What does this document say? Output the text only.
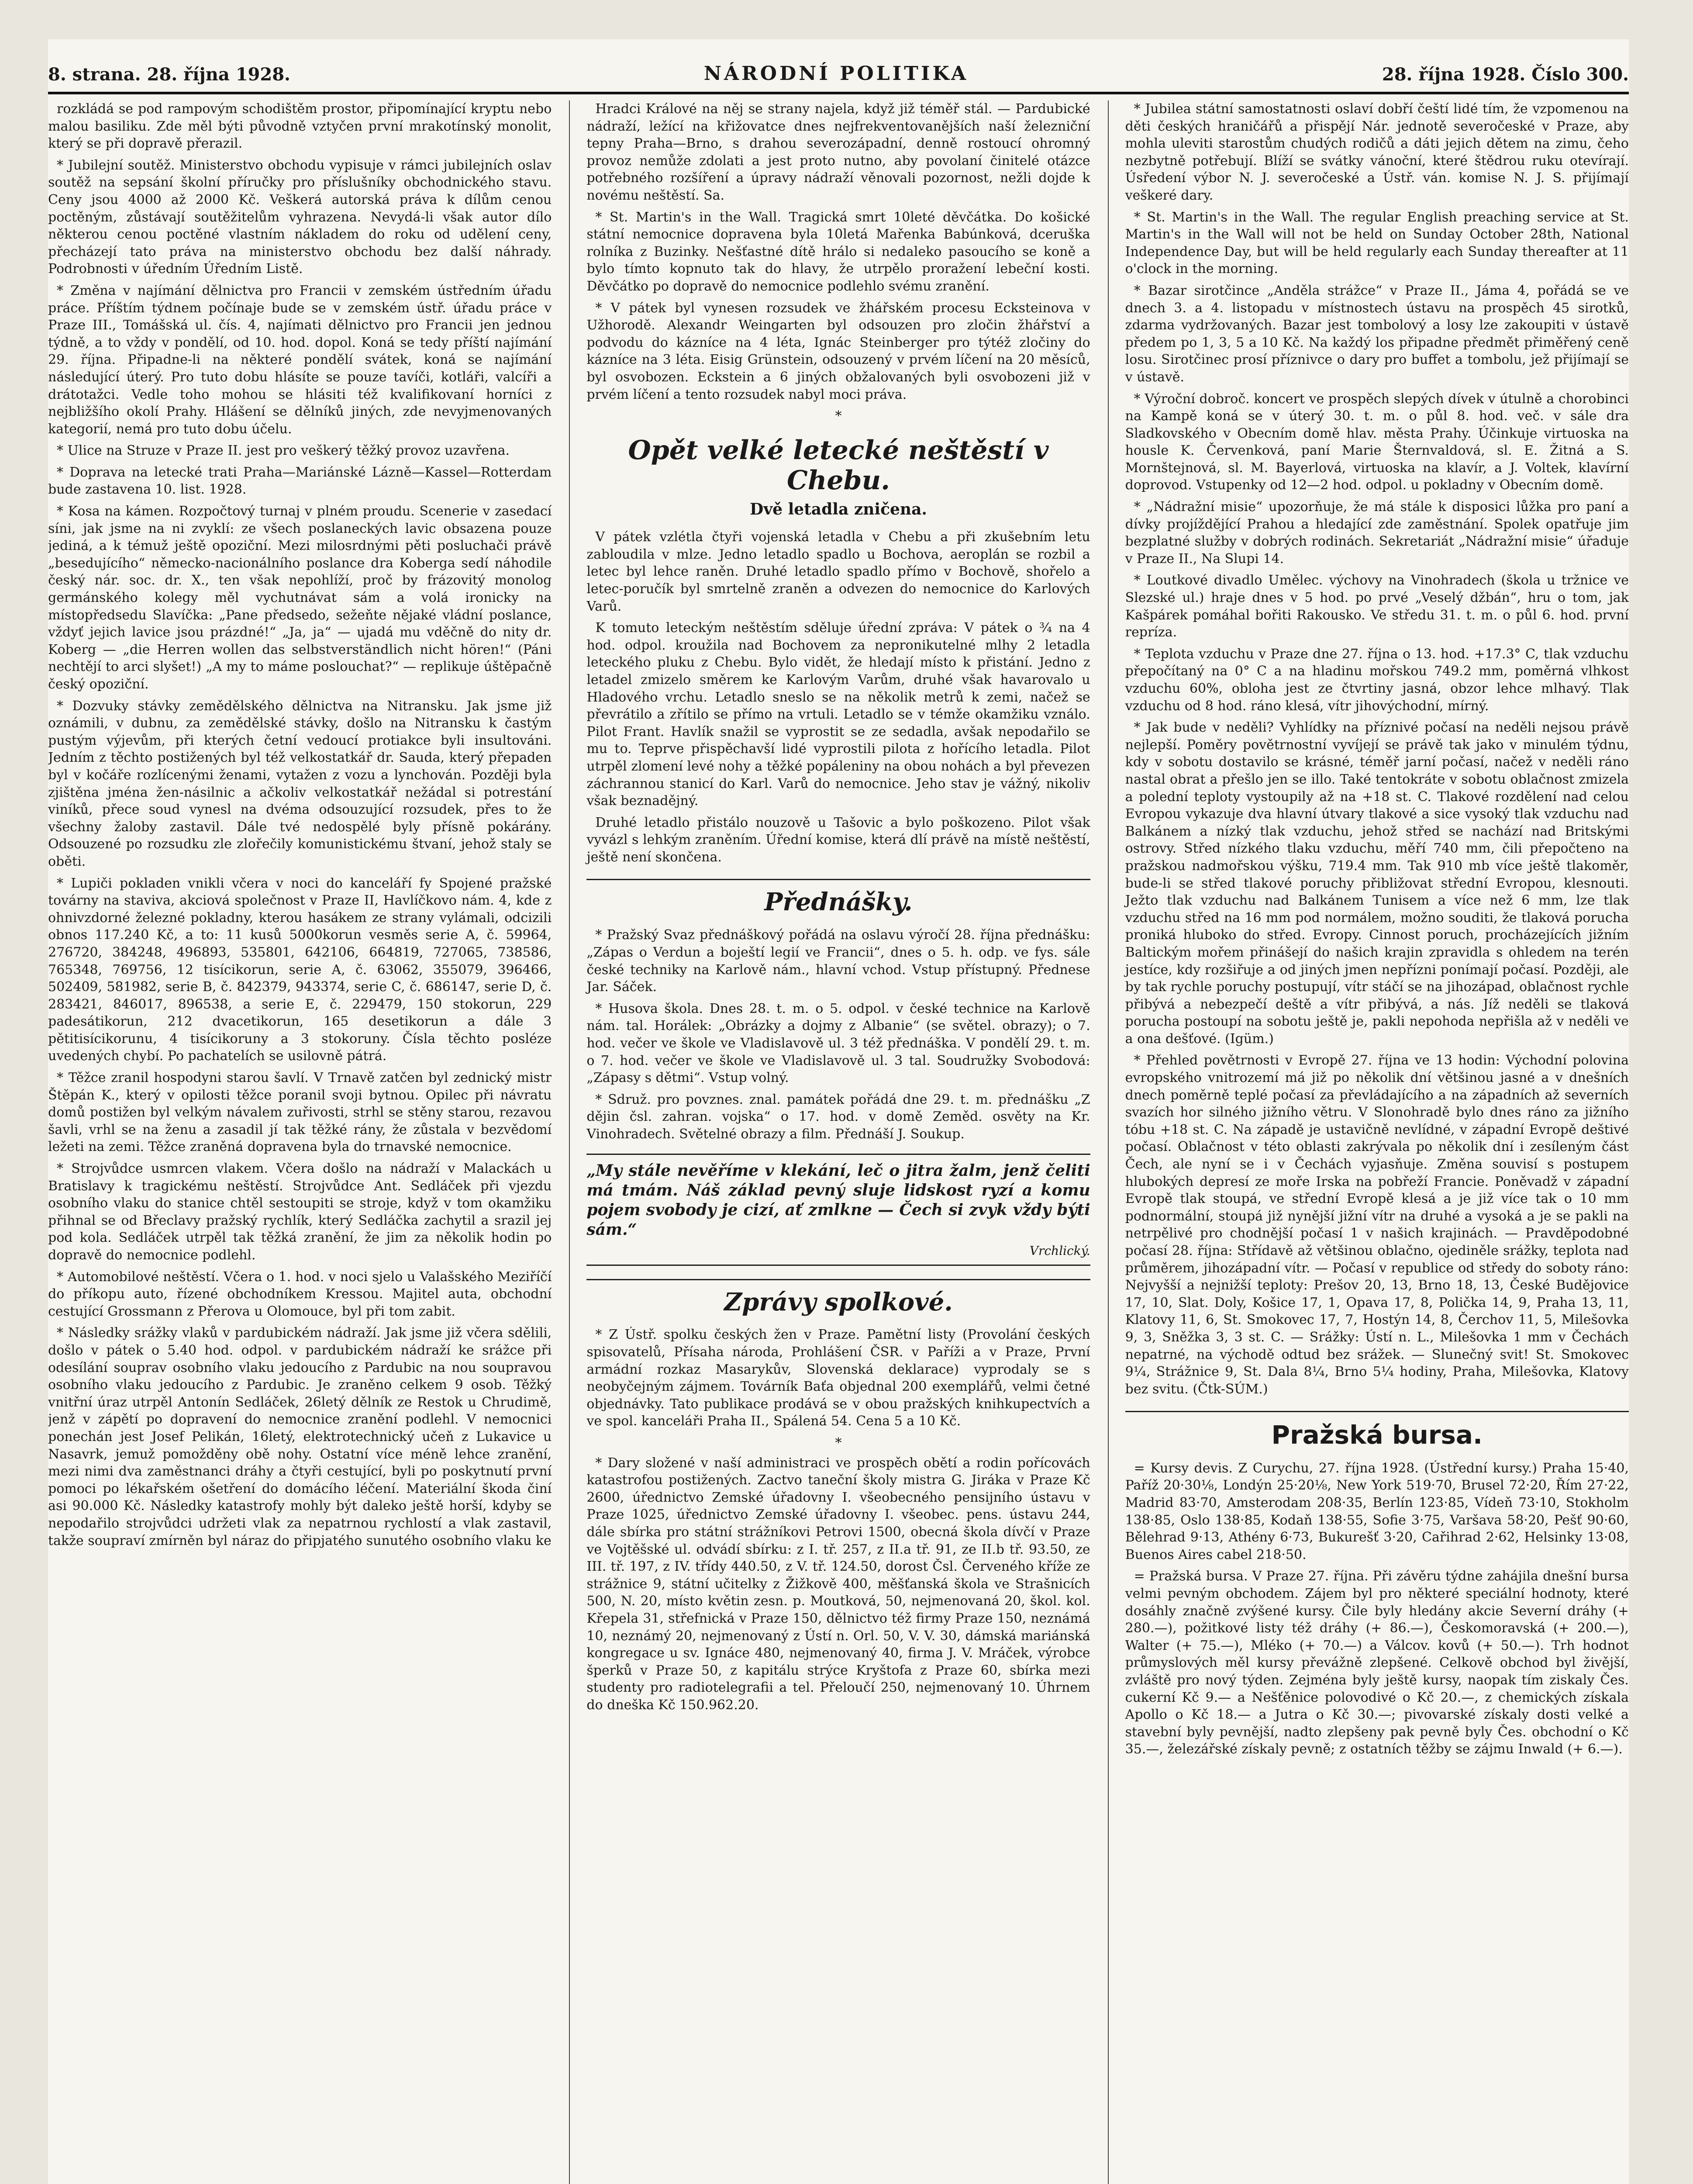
8. strana. 28. října 1928.	NÁRODNÍ POLITIKA	28. října 1928. Číslo 300.

rozkládá se pod rampovým schodištěm prostor, připomínající kryptu nebo malou basiliku. Zde měl býti původně vztyčen první mrakotínský monolit, který se při dopravě přerazil.

* Jubilejní soutěž. Ministerstvo obchodu vypisuje v rámci jubilejních oslav soutěž na sepsání školní příručky pro příslušníky obchodnického stavu. Ceny jsou 4000 až 2000 Kč. Veškerá autorská práva k dílům cenou poctěným, zůstávají soutěžitelům vyhrazena. Nevydá-li však autor dílo některou cenou poctěné vlastním nákladem do roku od udělení ceny, přecházejí tato práva na ministerstvo obchodu bez další náhrady. Podrobnosti v úředním Úředním Listě.

* Změna v najímání dělnictva pro Francii v zemském ústředním úřadu práce. Příštím týdnem počínaje bude se v zemském ústř. úřadu práce v Praze III., Tomášská ul. čís. 4, najímati dělnictvo pro Francii jen jednou týdně, a to vždy v pondělí, od 10. hod. dopol. Koná se tedy příští najímání 29. října. Připadne-li na některé pondělí svátek, koná se najímání následující úterý. Pro tuto dobu hlásíte se pouze tavíči, kotláři, valcíři a drátotažci. Vedle toho mohou se hlásiti též kvalifikovaní horníci z nejbližšího okolí Prahy. Hlášení se dělníků jiných, zde nevyjmenovaných kategorií, nemá pro tuto dobu účelu.

* Ulice na Struze v Praze II. jest pro veškerý těžký provoz uzavřena.

* Doprava na letecké trati Praha—Mariánské Lázně—Kassel—Rotterdam bude zastavena 10. list. 1928.

* Kosa na kámen. Rozpočtový turnaj v plném proudu. Scenerie v zasedací síni, jak jsme na ni zvyklí: ze všech poslaneckých lavic obsazena pouze jediná, a k témuž ještě opoziční. Mezi milosrdnými pěti posluchači právě „besedujícího“ německo-nacionálního poslance dra Koberga sedí náhodile český nár. soc. dr. X., ten však nepohlíží, proč by frázovitý monolog germánského kolegy měl vychutnávat sám a volá ironicky na místopředsedu Slavíčka: „Pane předsedo, sežeňte nějaké vládní poslance, vždyť jejich lavice jsou prázdné!“ „Ja, ja“ — ujadá mu vděčně do nity dr. Koberg — „die Herren wollen das selbstverständlich nicht hören!“ (Páni nechtějí to arci slyšet!) „A my to máme poslouchat?“ — replikuje úštěpačně český opoziční.

* Dozvuky stávky zemědělského dělnictva na Nitransku. Jak jsme již oznámili, v dubnu, za zemědělské stávky, došlo na Nitransku k častým pustým výjevům, při kterých četní vedoucí protiakce byli insultováni. Jedním z těchto postižených byl též velkostatkář dr. Sauda, který přepaden byl v kočáře rozlícenými ženami, vytažen z vozu a lynchován. Později byla zjištěna jména žen-násilnic a ačkoliv velkostatkář nežádal si potrestání viníků, přece soud vynesl na dvéma odsouzující rozsudek, přes to že všechny žaloby zastavil. Dále tvé nedospělé byly přísně pokárány. Odsouzené po rozsudku zle zlořečily komunistickému štvaní, jehož staly se oběti.

* Lupiči pokladen vnikli včera v noci do kanceláří fy Spojené pražské továrny na staviva, akciová společnost v Praze II, Havlíčkovo nám. 4, kde z ohnivzdorné železné pokladny, kterou hasákem ze strany vylámali, odcizili obnos 117.240 Kč, a to: 11 kusů 5000korun vesměs serie A, č. 59964, 276720, 384248, 496893, 535801, 642106, 664819, 727065, 738586, 765348, 769756, 12 tisícikorun, serie A, č. 63062, 355079, 396466, 502409, 581982, serie B, č. 842379, 943374, serie C, č. 686147, serie D, č. 283421, 846017, 896538, a serie E, č. 229479, 150 stokorun, 229 padesátikorun, 212 dvacetikorun, 165 desetikorun a dále 3 pětitisícikorunu, 4 tisícikoruny a 3 stokoruny. Čísla těchto posléze uvedených chybí. Po pachatelích se usilovně pátrá.

* Těžce zranil hospodyni starou šavlí. V Trnavě zatčen byl zednický mistr Štěpán K., který v opilosti těžce poranil svoji bytnou. Opilec při návratu domů postižen byl velkým návalem zuřivosti, strhl se stěny starou, rezavou šavli, vrhl se na ženu a zasadil jí tak těžké rány, že zůstala v bezvědomí ležeti na zemi. Těžce zraněná dopravena byla do trnavské nemocnice.

* Strojvůdce usmrcen vlakem. Včera došlo na nádraží v Malackách u Bratislavy k tragickému neštěstí. Strojvůdce Ant. Sedláček při vjezdu osobního vlaku do stanice chtěl sestoupiti se stroje, když v tom okamžiku přihnal se od Břeclavy pražský rychlík, který Sedláčka zachytil a srazil jej pod kola. Sedláček utrpěl tak těžká zranění, že jim za několik hodin po dopravě do nemocnice podlehl.

* Automobilové neštěstí. Včera o 1. hod. v noci sjelo u Valašského Meziříčí do příkopu auto, řízené obchodníkem Kressou. Majitel auta, obchodní cestující Grossmann z Přerova u Olomouce, byl při tom zabit.

* Následky srážky vlaků v pardubickém nádraží. Jak jsme již včera sdělili, došlo v pátek o 5.40 hod. odpol. v pardubickém nádraží ke srážce při odesílání souprav osobního vlaku jedoucího z Pardubic na nou soupravou osobního vlaku jedoucího z Pardubic. Je zraněno celkem 9 osob. Těžký vnitřní úraz utrpěl Antonín Sedláček, 26letý dělník ze Restok u Chrudimě, jenž v zápětí po dopravení do nemocnice zranění podlehl. V nemocnici ponechán jest Josef Pelikán, 16letý, elektrotechnický učeň z Lukavice u Nasavrk, jemuž pomožděny obě nohy. Ostatní více méně lehce zranění, mezi nimi dva zaměstnanci dráhy a čtyři cestující, byli po poskytnutí první pomoci po lékařském ošetření do domácího léčení. Materiální škoda činí asi 90.000 Kč. Následky katastrofy mohly být daleko ještě horší, kdyby se nepodařilo strojvůdci udržeti vlak za nepatrnou rychlostí a vlak zastavil, takže soupraví zmírněn byl náraz do připjatého sunutého osobního vlaku ke

Hradci Králové na něj se strany najela, když již téměř stál. — Pardubické nádraží, ležící na křižovatce dnes nejfrekventovanějších naší železniční tepny Praha—Brno, s drahou severozápadní, denně rostoucí ohromný provoz nemůže zdolati a jest proto nutno, aby povolaní činitelé otázce potřebného rozšíření a úpravy nádraží věnovali pozornost, nežli dojde k novému neštěstí. Sa.

* St. Martin's in the Wall. Tragická smrt 10leté děvčátka. Do košické státní nemocnice dopravena byla 10letá Mařenka Babúnková, dceruška rolníka z Buzinky. Nešťastné dítě hrálo si nedaleko pasoucího se koně a bylo tímto kopnuto tak do hlavy, že utrpělo proražení lebeční kosti. Děvčátko po dopravě do nemocnice podlehlo svému zranění.

* V pátek byl vynesen rozsudek ve žhářském procesu Ecksteinova v Užhorodě. Alexandr Weingarten byl odsouzen pro zločin žhářství a podvodu do kázníce na 4 léta, Ignác Steinberger pro týtéž zločiny do kázníce na 3 léta. Eisig Grünstein, odsouzený v prvém líčení na 20 měsíců, byl osvobozen. Eckstein a 6 jiných obžalovaných byli osvobozeni již v prvém líčení a tento rozsudek nabyl moci práva.

*
Opět velké letecké neštěstí v Chebu.
Dvě letadla zničena.

V pátek vzlétla čtyři vojenská letadla v Chebu a při zkušebním letu zabloudila v mlze. Jedno letadlo spadlo u Bochova, aeroplán se rozbil a letec byl lehce raněn. Druhé letadlo spadlo přímo v Bochově, shořelo a letec-poručík byl smrtelně zraněn a odvezen do nemocnice do Karlových Varů.

K tomuto leteckým neštěstím sděluje úřední zpráva: V pátek o ¾ na 4 hod. odpol. kroužila nad Bochovem za nepronikutelné mlhy 2 letadla leteckého pluku z Chebu. Bylo vidět, že hledají místo k přistání. Jedno z letadel zmizelo směrem ke Karlovým Varům, druhé však havarovalo u Hladového vrchu. Letadlo sneslo se na několik metrů k zemi, načež se převrátilo a zřítilo se přímo na vrtuli. Letadlo se v témže okamžiku vználo. Pilot Frant. Havlík snažil se vyprostit se ze sedadla, avšak nepodařilo se mu to. Teprve přispěchavší lidé vyprostili pilota z hořícího letadla. Pilot utrpěl zlomení levé nohy a těžké popáleniny na obou nohách a byl převezen záchrannou stanicí do Karl. Varů do nemocnice. Jeho stav je vážný, nikoliv však beznadějný.

Druhé letadlo přistálo nouzově u Tašovic a bylo poškozeno. Pilot však vyvázl s lehkým zraněním. Úřední komise, která dlí právě na místě neštěstí, ještě není skončena.

Přednášky.

* Pražský Svaz přednáškový pořádá na oslavu výročí 28. října přednášku: „Zápas o Verdun a boještí legií ve Francii“, dnes o 5. h. odp. ve fys. sále české techniky na Karlově nám., hlavní vchod. Vstup přístupný. Přednese Jar. Sáček.

* Husova škola. Dnes 28. t. m. o 5. odpol. v české technice na Karlově nám. tal. Horálek: „Obrázky a dojmy z Albanie“ (se světel. obrazy); o 7. hod. večer ve škole ve Vladislavově ul. 3 též přednáška. V pondělí 29. t. m. o 7. hod. večer ve škole ve Vladislavově ul. 3 tal. Soudružky Svobodová: „Zápasy s dětmi“. Vstup volný.

* Sdruž. pro povznes. znal. památek pořádá dne 29. t. m. přednášku „Z dějin čsl. zahran. vojska“ o 17. hod. v domě Zeměd. osvěty na Kr. Vinohradech. Světelné obrazy a film. Přednáší J. Soukup.

„My stále nevěříme v klekání, leč o jitra žalm, jenž čeliti má tmám. Náš základ pevný sluje lidskost ryzí a komu pojem svobody je cizí, ať zmlkne — Čech si zvyk vždy býti sám.“
Vrchlický.
Zprávy spolkové.

* Z Ústř. spolku českých žen v Praze. Pamětní listy (Provolání českých spisovatelů, Přísaha národa, Prohlášení ČSR. v Paříži a v Praze, První armádní rozkaz Masarykův, Slovenská deklarace) vyprodaly se s neobyčejným zájmem. Továrník Baťa objednal 200 exemplářů, velmi četné objednávky. Tato publikace prodává se v obou pražských knihkupectvích a ve spol. kanceláři Praha II., Spálená 54. Cena 5 a 10 Kč.

*

* Dary složené v naší administraci ve prospěch obětí a rodin pořícovách katastrofou postižených. Zactvo taneční školy mistra G. Jiráka v Praze Kč 2600, úřednictvo Zemské úřadovny I. všeobecného pensijního ústavu v Praze 1025, úřednictvo Zemské úřadovny I. všeobec. pens. ústavu 244, dále sbírka pro státní strážníkovi Petrovi 1500, obecná škola dívčí v Praze ve Vojtěšské ul. odvádí sbírku: z I. tř. 257, z II.a tř. 91, ze II.b tř. 93.50, ze III. tř. 197, z IV. třídy 440.50, z V. tř. 124.50, dorost Čsl. Červeného kříže ze strážnice 9, státní učitelky z Žižkově 400, měšťanská škola ve Strašnicích 500, N. 20, místo květin zesn. p. Moutková, 50, nejmenovaná 20, škol. kol. Křepela 31, střefnická v Praze 150, dělnictvo též firmy Praze 150, neznámá 10, neznámý 20, nejmenovaný z Ústí n. Orl. 50, V. V. 30, dámská mariánská kongregace u sv. Ignáce 480, nejmenovaný 40, firma J. V. Mráček, výrobce šperků v Praze 50, z kapitálu strýce Kryštofa z Praze 60, sbírka mezi studenty pro radiotelegrafii a tel. Přeloučí 250, nejmenovaný 10. Úhrnem do dneška Kč 150.962.20.

* Jubilea státní samostatnosti oslaví dobří čeští lidé tím, že vzpomenou na děti českých hraničářů a přispějí Nár. jednotě severočeské v Praze, aby mohla uleviti starostům chudých rodičů a dáti jejich dětem na zimu, čeho nezbytně potřebují. Blíží se svátky vánoční, které štědrou ruku otevírají. Úsředení výbor N. J. severočeské a Ústř. ván. komise N. J. S. přijímají veškeré dary.

* St. Martin's in the Wall. The regular English preaching service at St. Martin's in the Wall will not be held on Sunday October 28th, National Independence Day, but will be held regularly each Sunday thereafter at 11 o'clock in the morning.

* Bazar sirotčince „Anděla strážce“ v Praze II., Jáma 4, pořádá se ve dnech 3. a 4. listopadu v místnostech ústavu na prospěch 45 sirotků, zdarma vydržovaných. Bazar jest tombolový a losy lze zakoupiti v ústavě předem po 1, 3, 5 a 10 Kč. Na každý los připadne předmět přiměřený ceně losu. Sirotčinec prosí příznivce o dary pro buffet a tombolu, jež přijímají se v ústavě.

* Výroční dobroč. koncert ve prospěch slepých dívek v útulně a chorobinci na Kampě koná se v úterý 30. t. m. o půl 8. hod. več. v sále dra Sladkovského v Obecním domě hlav. města Prahy. Účinkuje virtuoska na housle K. Červenková, paní Marie Šternvaldová, sl. E. Žitná a S. Mornštejnová, sl. M. Bayerlová, virtuoska na klavír, a J. Voltek, klavírní doprovod. Vstupenky od 12—2 hod. odpol. u pokladny v Obecním domě.

* „Nádražní misie“ upozorňuje, že má stále k disposici lůžka pro paní a dívky projíždějící Prahou a hledající zde zaměstnání. Spolek opatřuje jim bezplatné služby v dobrých rodinách. Sekretariát „Nádražní misie“ úřaduje v Praze II., Na Slupi 14.

* Loutkové divadlo Umělec. výchovy na Vinohradech (škola u tržnice ve Slezské ul.) hraje dnes v 5 hod. po prvé „Veselý džbán“, hru o tom, jak Kašpárek pomáhal bořiti Rakousko. Ve středu 31. t. m. o půl 6. hod. první repríza.

* Teplota vzduchu v Praze dne 27. října o 13. hod. +17.3° C, tlak vzduchu přepočítaný na 0° C a na hladinu mořskou 749.2 mm, poměrná vlhkost vzduchu 60%, obloha jest ze čtvrtiny jasná, obzor lehce mlhavý. Tlak vzduchu od 8 hod. ráno klesá, vítr jihovýchodní, mírný.

* Jak bude v neděli? Vyhlídky na příznivé počasí na neděli nejsou právě nejlepší. Poměry povětrnostní vyvíjejí se právě tak jako v minulém týdnu, kdy v sobotu dostavilo se krásné, téměř jarní počasí, načež v neděli ráno nastal obrat a přešlo jen se illo. Také tentokráte v sobotu oblačnost zmizela a polední teploty vystoupily až na +18 st. C. Tlakové rozdělení nad celou Evropou vykazuje dva hlavní útvary tlakové a sice vysoký tlak vzduchu nad Balkánem a nízký tlak vzduchu, jehož střed se nachází nad Britskými ostrovy. Střed nízkého tlaku vzduchu, měří 740 mm, čili přepočteno na pražskou nadmořskou výšku, 719.4 mm. Tak 910 mb více ještě tlakoměr, bude-li se střed tlakové poruchy přibližovat střední Evropou, klesnouti. Ježto tlak vzduchu nad Balkánem Tunisem a více než 6 mm, lze tlak vzduchu střed na 16 mm pod normálem, možno souditi, že tlaková porucha proniká hluboko do střed. Evropy. Cinnost poruch, procházejících jižním Baltickým mořem přinášejí do našich krajin zpravidla s ohledem na terén jestíce, kdy rozšiřuje a od jiných jmen nepřízni ponímají počasí. Později, ale by tak rychle poruchy postupují, vítr stáčí se na jihozápad, oblačnost rychle přibývá a nebezpečí deště a vítr přibývá, a nás. Jíž neděli se tlaková porucha postoupí na sobotu ještě je, pakli nepohoda nepřišla až v neděli ve a ona dešťové. (Igüm.)

* Přehled povětrnosti v Evropě 27. října ve 13 hodin: Východní polovina evropského vnitrozemí má již po několik dní většinou jasné a v dnešních dnech poměrně teplé počasí za převládajícího a na západních až severních svazích hor silného jižního větru. V Slonohradě bylo dnes ráno za jižního tóbu +18 st. C. Na západě je ustavičně nevlídné, v západní Evropě deštivé počasí. Oblačnost v této oblasti zakrývala po několik dní i zesíleným část Čech, ale nyní se i v Čechách vyjasňuje. Změna souvisí s postupem hlubokých depresí ze moře Irska na pobřeží Francie. Poněvadž v západní Evropě tlak stoupá, ve střední Evropě klesá a je již více tak o 10 mm podnormální, stoupá již nynější jižní vítr na druhé a vysoká a je se pakli na netrpělivé pro chodnější počasí 1 v našich krajinách. — Pravděpodobné počasí 28. října: Střídavě až většinou oblačno, ojediněle srážky, teplota nad průměrem, jihozápadní vítr. — Počasí v republice od středy do soboty ráno: Nejvyšší a nejnižší teploty: Prešov 20, 13, Brno 18, 13, České Budějovice 17, 10, Slat. Doly, Košice 17, 1, Opava 17, 8, Polička 14, 9, Praha 13, 11, Klatovy 11, 6, St. Smokovec 17, 7, Hostýn 14, 8, Čerchov 11, 5, Milešovka 9, 3, Sněžka 3, 3 st. C. — Srážky: Ústí n. L., Milešovka 1 mm v Čechách nepatrné, na východě odtud bez srážek. — Slunečný svit! St. Smokovec 9¼, Strážnice 9, St. Dala 8¼, Brno 5¼ hodiny, Praha, Milešovka, Klatovy bez svitu. (Čtk-SÚM.)

Pražská bursa.

= Kursy devis. Z Curychu, 27. října 1928. (Ústřední kursy.) Praha 15·40, Paříž 20·30⅛, Londýn 25·20⅛, New York 519·70, Brusel 72·20, Řím 27·22, Madrid 83·70, Amsterodam 208·35, Berlín 123·85, Vídeň 73·10, Stokholm 138·85, Oslo 138·85, Kodaň 138·55, Sofie 3·75, Varšava 58·20, Pešť 90·60, Bělehrad 9·13, Athény 6·73, Bukurešť 3·20, Cařihrad 2·62, Helsinky 13·08, Buenos Aires cabel 218·50.

= Pražská bursa. V Praze 27. října. Při závěru týdne zahájila dnešní bursa velmi pevným obchodem. Zájem byl pro některé speciální hodnoty, které dosáhly značně zvýšené kursy. Čile byly hledány akcie Severní dráhy (+ 280.—), požitkové listy též dráhy (+ 86.—), Českomoravská (+ 200.—), Walter (+ 75.—), Mléko (+ 70.—) a Válcov. kovů (+ 50.—). Trh hodnot průmyslových měl kursy převážně zlepšené. Celkově obchod byl živější, zvláště pro nový týden. Zejména byly ještě kursy, naopak tím ziskaly Čes. cukerní Kč 9.— a Nešťěnice polovodivé o Kč 20.—, z chemických získala Apollo o Kč 18.— a Jutra o Kč 30.—; pivovarské získaly dosti velké a stavební byly pevnější, nadto zlepšeny pak pevně byly Čes. obchodní o Kč 35.—, železářské získaly pevně; z ostatních těžby se zájmu Inwald (+ 6.—).
